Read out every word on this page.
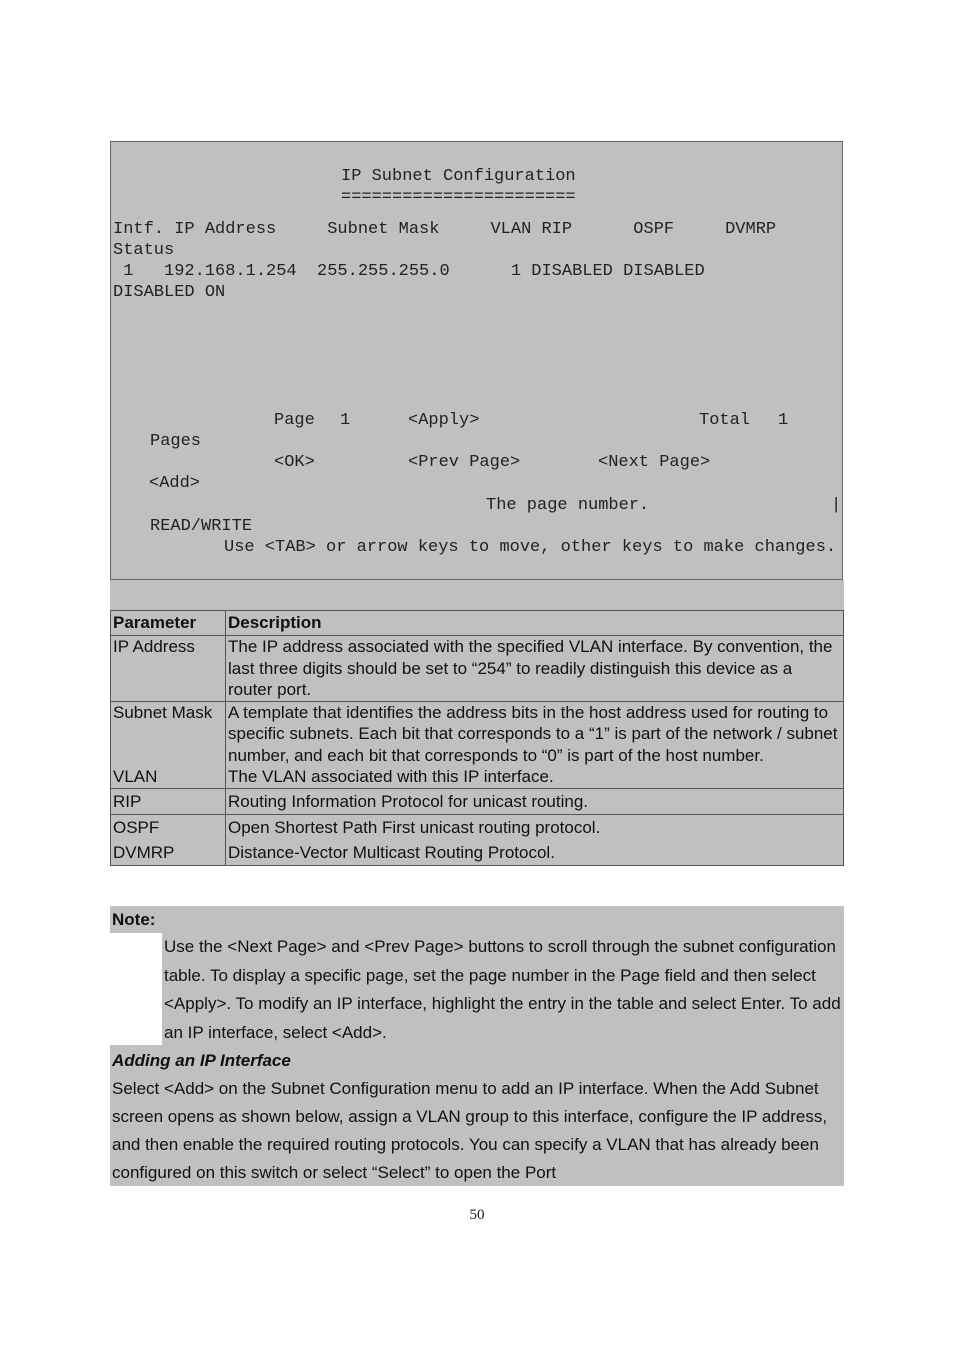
IP Subnet Configuration
=======================
Intf. IP Address     Subnet Mask     VLAN RIP      OSPF     DVMRP
Status
1   192.168.1.254  255.255.255.0      1 DISABLED DISABLED
DISABLED ON
Page 1	<Apply>	Total 1
Pages
<OK>	<Prev Page>	<Next Page>
<Add>
The page number.	|
READ/WRITE
Use <TAB> or arrow keys to move, other keys to make changes.
Parameter	Description
IP Address	The IP address associated with the specified VLAN interface. By convention, the last three digits should be set to “254” to readily distinguish this device as a router port.
Subnet Mask	A template that identifies the address bits in the host address used for routing to specific subnets. Each bit that corresponds to a “1” is part of the network / subnet number, and each bit that corresponds to “0” is part of the host number.
VLAN	The VLAN associated with this IP interface.
RIP	Routing Information Protocol for unicast routing.
OSPF	Open Shortest Path First unicast routing protocol.
DVMRP	Distance-Vector Multicast Routing Protocol.
Note:
Use the <Next Page> and <Prev Page> buttons to scroll through the subnet configuration table. To display a specific page, set the page number in the Page field and then select <Apply>. To modify an IP interface, highlight the entry in the table and select Enter. To add an IP interface, select <Add>.
Adding an IP Interface
Select <Add> on the Subnet Configuration menu to add an IP interface. When the Add Subnet screen opens as shown below, assign a VLAN group to this interface, configure the IP address, and then enable the required routing protocols. You can specify a VLAN that has already been configured on this switch or select “Select” to open the Port
50
